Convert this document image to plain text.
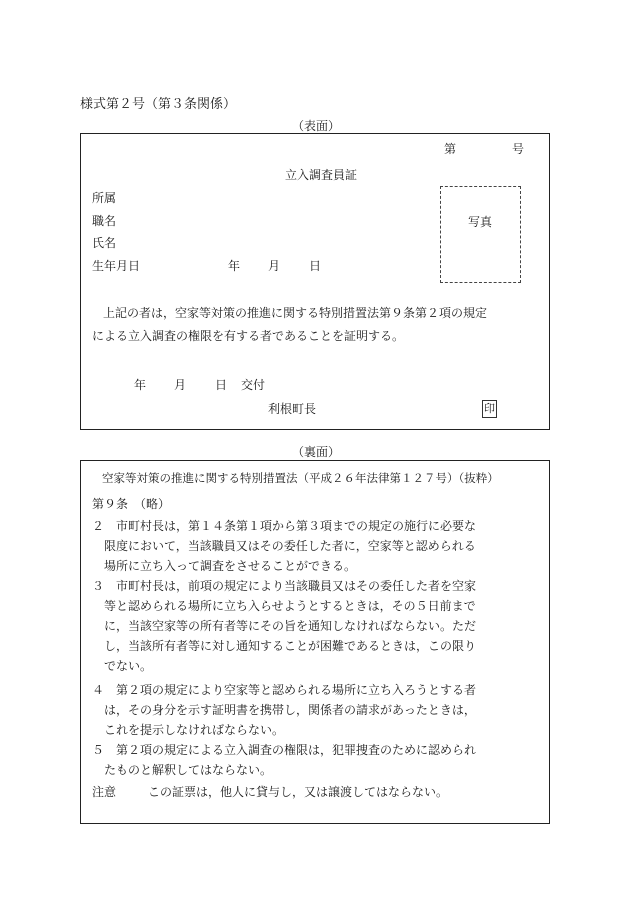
様式第２号（第３条関係）
（表面）
第	号
立入調査員証
所属
職名
氏名
生年月日	年 月 日
写真
上記の者は，空家等対策の推進に関する特別措置法第９条第２項の規定
による立入調査の権限を有する者であることを証明する。
年 月 日 交付
利根町長	印
（裏面）
空家等対策の推進に関する特別措置法（平成２６年法律第１２７号）（抜粋）
第９条　（略）
２　市町村長は，第１４条第１項から第３項までの規定の施行に必要な
限度において，当該職員又はその委任した者に，空家等と認められる
場所に立ち入って調査をさせることができる。
３　市町村長は，前項の規定により当該職員又はその委任した者を空家
等と認められる場所に立ち入らせようとするときは，その５日前まで
に，当該空家等の所有者等にその旨を通知しなければならない。ただ
し，当該所有者等に対し通知することが困難であるときは，この限り
でない。
４　第２項の規定により空家等と認められる場所に立ち入ろうとする者
は，その身分を示す証明書を携帯し，関係者の請求があったときは，
これを提示しなければならない。
５　第２項の規定による立入調査の権限は，犯罪捜査のために認められ
たものと解釈してはならない。
注意	この証票は，他人に貸与し，又は譲渡してはならない。
